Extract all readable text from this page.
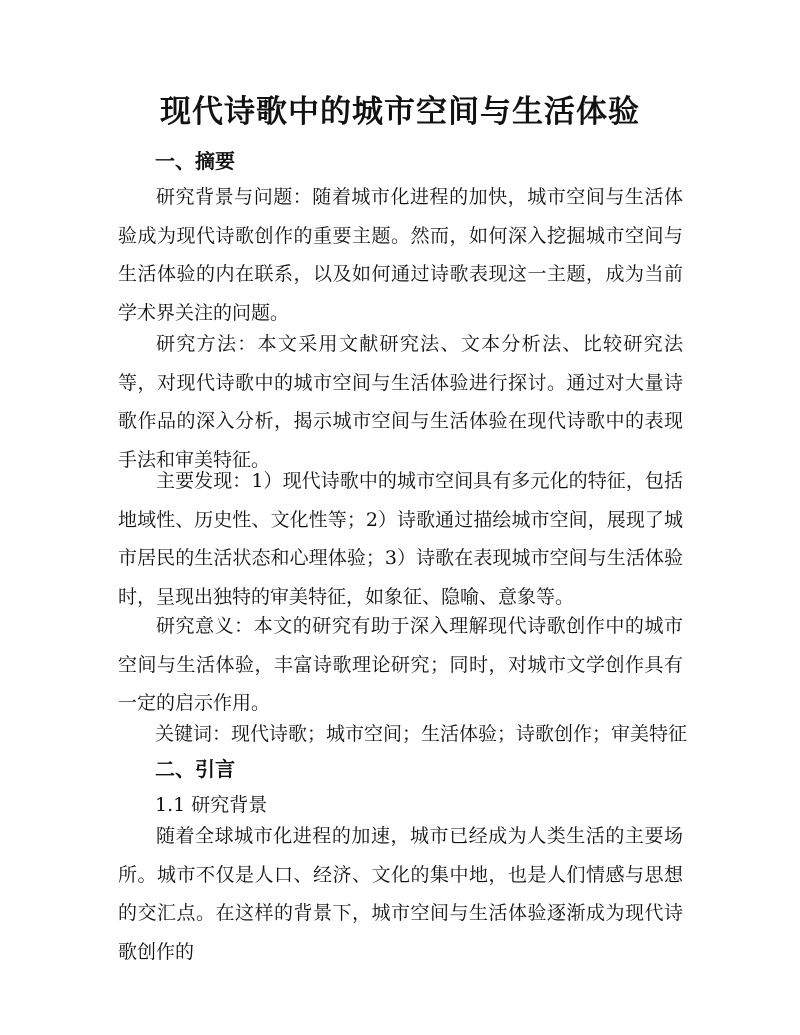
现代诗歌中的城市空间与生活体验
一、摘要

研究背景与问题：随着城市化进程的加快，城市空间与生活体验成为现代诗歌创作的重要主题。然而，如何深入挖掘城市空间与生活体验的内在联系，以及如何通过诗歌表现这一主题，成为当前学术界关注的问题。

研究方法：本文采用文献研究法、文本分析法、比较研究法等，对现代诗歌中的城市空间与生活体验进行探讨。通过对大量诗歌作品的深入分析，揭示城市空间与生活体验在现代诗歌中的表现手法和审美特征。

主要发现：1）现代诗歌中的城市空间具有多元化的特征，包括地域性、历史性、文化性等；2）诗歌通过描绘城市空间，展现了城市居民的生活状态和心理体验；3）诗歌在表现城市空间与生活体验时，呈现出独特的审美特征，如象征、隐喻、意象等。

研究意义：本文的研究有助于深入理解现代诗歌创作中的城市空间与生活体验，丰富诗歌理论研究；同时，对城市文学创作具有一定的启示作用。

关键词：现代诗歌；城市空间；生活体验；诗歌创作；审美特征

二、引言

1.1 研究背景

随着全球城市化进程的加速，城市已经成为人类生活的主要场所。城市不仅是人口、经济、文化的集中地，也是人们情感与思想的交汇点。在这样的背景下，城市空间与生活体验逐渐成为现代诗歌创作的
